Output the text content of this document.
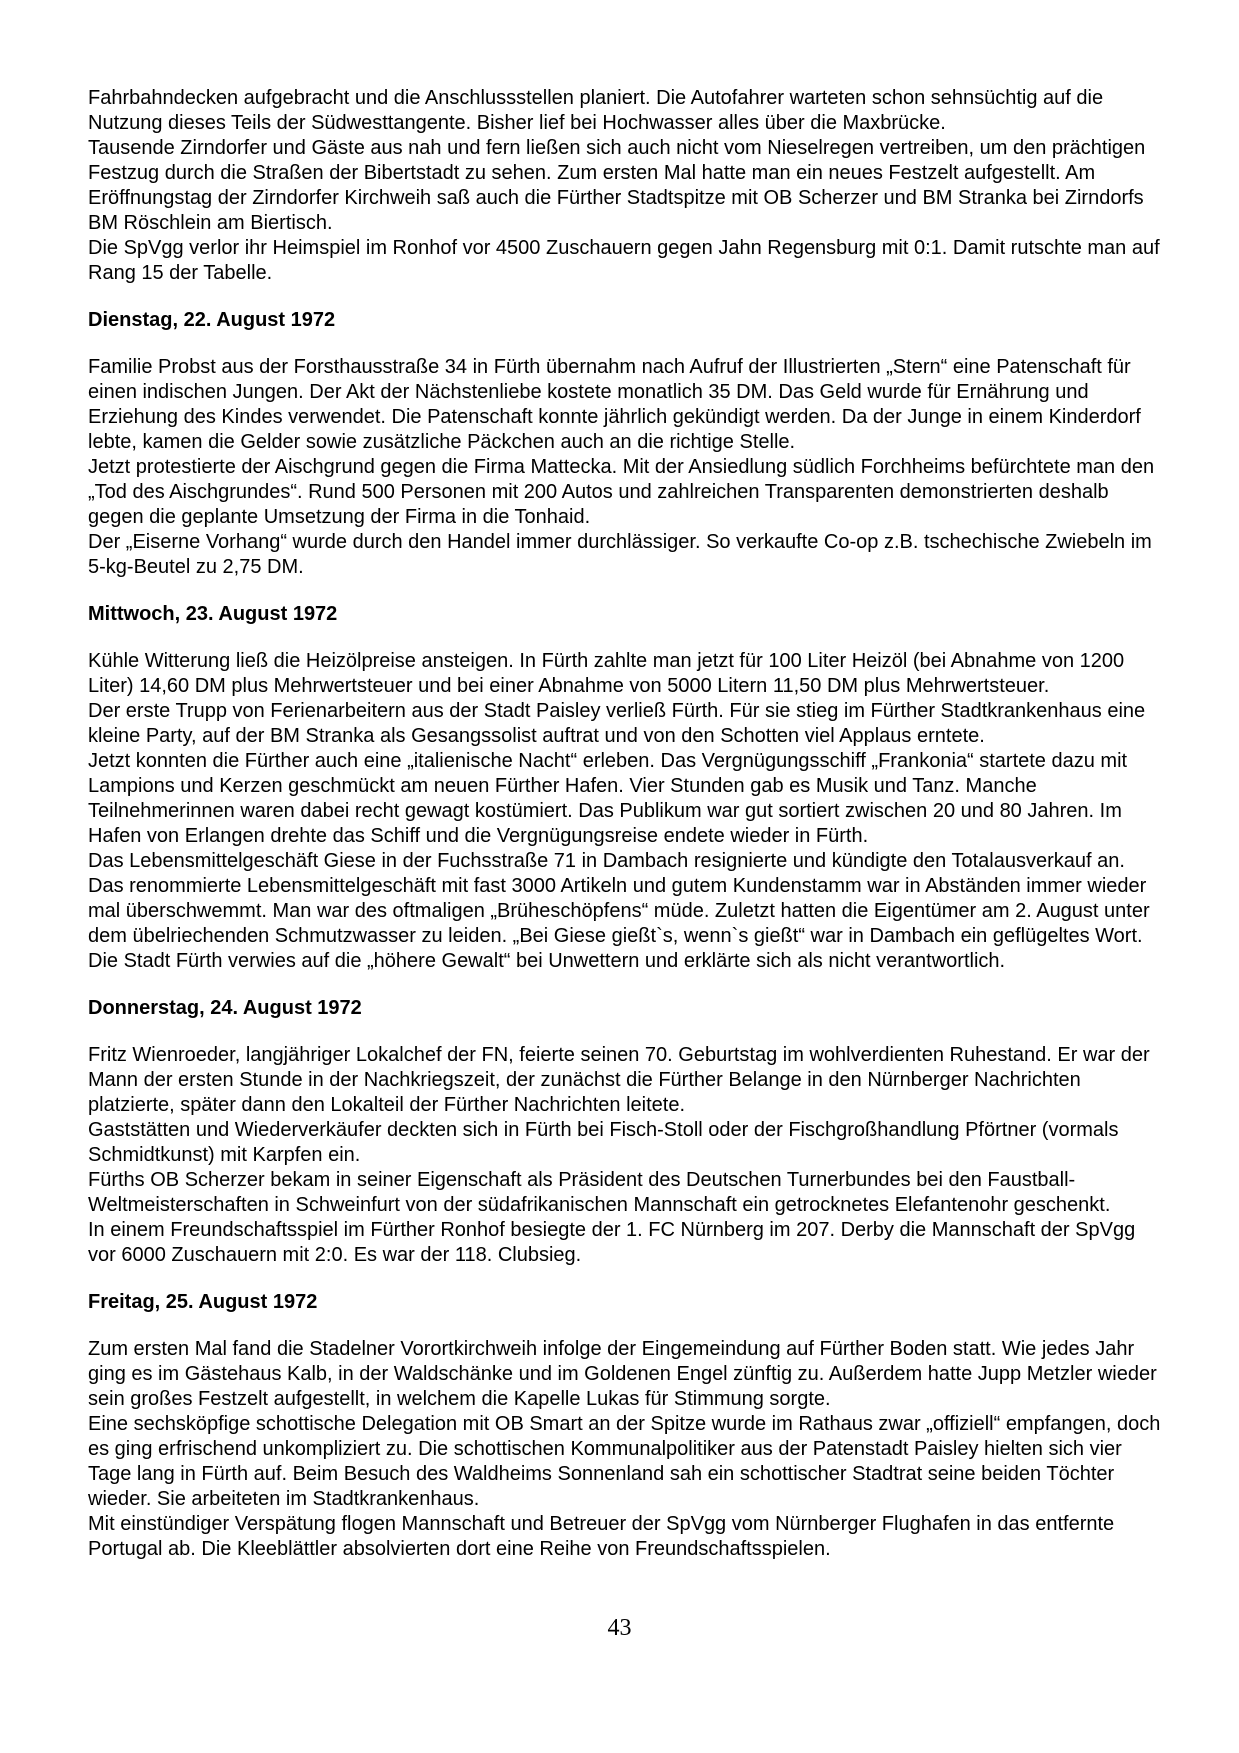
Fahrbahndecken aufgebracht und die Anschlussstellen planiert. Die Autofahrer warteten schon sehnsüchtig auf die Nutzung dieses Teils der Südwesttangente. Bisher lief bei Hochwasser alles über die Maxbrücke.

Tausende Zirndorfer und Gäste aus nah und fern ließen sich auch nicht vom Nieselregen vertreiben, um den prächtigen Festzug durch die Straßen der Bibertstadt zu sehen. Zum ersten Mal hatte man ein neues Festzelt aufgestellt. Am Eröffnungstag der Zirndorfer Kirchweih saß auch die Fürther Stadtspitze mit OB Scherzer und BM Stranka bei Zirndorfs BM Röschlein am Biertisch.

Die SpVgg verlor ihr Heimspiel im Ronhof vor 4500 Zuschauern gegen Jahn Regensburg mit 0:1. Damit rutschte man auf Rang 15 der Tabelle.

Dienstag, 22. August 1972

Familie Probst aus der Forsthausstraße 34 in Fürth übernahm nach Aufruf der Illustrierten „Stern“ eine Patenschaft für einen indischen Jungen. Der Akt der Nächstenliebe kostete monatlich 35 DM. Das Geld wurde für Ernährung und Erziehung des Kindes verwendet. Die Patenschaft konnte jährlich gekündigt werden. Da der Junge in einem Kinderdorf lebte, kamen die Gelder sowie zusätzliche Päckchen auch an die richtige Stelle.

Jetzt protestierte der Aischgrund gegen die Firma Mattecka. Mit der Ansiedlung südlich Forchheims befürchtete man den „Tod des Aischgrundes“. Rund 500 Personen mit 200 Autos und zahlreichen Transparenten demonstrierten deshalb gegen die geplante Umsetzung der Firma in die Tonhaid.

Der „Eiserne Vorhang“ wurde durch den Handel immer durchlässiger. So verkaufte Co-op z.B. tschechische Zwiebeln im 5-kg-Beutel zu 2,75 DM.

Mittwoch, 23. August 1972

Kühle Witterung ließ die Heizölpreise ansteigen. In Fürth zahlte man jetzt für 100 Liter Heizöl (bei Abnahme von 1200 Liter) 14,60 DM plus Mehrwertsteuer und bei einer Abnahme von 5000 Litern 11,50 DM plus Mehrwertsteuer.

Der erste Trupp von Ferienarbeitern aus der Stadt Paisley verließ Fürth. Für sie stieg im Fürther Stadtkrankenhaus eine kleine Party, auf der BM Stranka als Gesangssolist auftrat und von den Schotten viel Applaus erntete.

Jetzt konnten die Fürther auch eine „italienische Nacht“ erleben. Das Vergnügungsschiff „Frankonia“ startete dazu mit Lampions und Kerzen geschmückt am neuen Fürther Hafen. Vier Stunden gab es Musik und Tanz. Manche Teilnehmerinnen waren dabei recht gewagt kostümiert. Das Publikum war gut sortiert zwischen 20 und 80 Jahren. Im Hafen von Erlangen drehte das Schiff und die Vergnügungsreise endete wieder in Fürth.

Das Lebensmittelgeschäft Giese in der Fuchsstraße 71 in Dambach resignierte und kündigte den Totalausverkauf an. Das renommierte Lebensmittelgeschäft mit fast 3000 Artikeln und gutem Kundenstamm war in Abständen immer wieder mal überschwemmt. Man war des oftmaligen „Brüheschöpfens“ müde. Zuletzt hatten die Eigentümer am 2. August unter dem übelriechenden Schmutzwasser zu leiden. „Bei Giese gießt`s, wenn`s gießt“ war in Dambach ein geflügeltes Wort. Die Stadt Fürth verwies auf die „höhere Gewalt“ bei Unwettern und erklärte sich als nicht verantwortlich.

Donnerstag, 24. August 1972

Fritz Wienroeder, langjähriger Lokalchef der FN, feierte seinen 70. Geburtstag im wohlverdienten Ruhestand. Er war der Mann der ersten Stunde in der Nachkriegszeit, der zunächst die Fürther Belange in den Nürnberger Nachrichten platzierte, später dann den Lokalteil der Fürther Nachrichten leitete.

Gaststätten und Wiederverkäufer deckten sich in Fürth bei Fisch-Stoll oder der Fischgroßhandlung Pförtner (vormals Schmidtkunst) mit Karpfen ein.

Fürths OB Scherzer bekam in seiner Eigenschaft als Präsident des Deutschen Turnerbundes bei den Faustball-Weltmeisterschaften in Schweinfurt von der südafrikanischen Mannschaft ein getrocknetes Elefantenohr geschenkt.

In einem Freundschaftsspiel im Fürther Ronhof besiegte der 1. FC Nürnberg im 207. Derby die Mannschaft der SpVgg vor 6000 Zuschauern mit 2:0. Es war der 118. Clubsieg.

Freitag, 25. August 1972

Zum ersten Mal fand die Stadelner Vorortkirchweih infolge der Eingemeindung auf Fürther Boden statt. Wie jedes Jahr ging es im Gästehaus Kalb, in der Waldschänke und im Goldenen Engel zünftig zu. Außerdem hatte Jupp Metzler wieder sein großes Festzelt aufgestellt, in welchem die Kapelle Lukas für Stimmung sorgte.

Eine sechsköpfige schottische Delegation mit OB Smart an der Spitze wurde im Rathaus zwar „offiziell“ empfangen, doch es ging erfrischend unkompliziert zu. Die schottischen Kommunalpolitiker aus der Patenstadt Paisley hielten sich vier Tage lang in Fürth auf. Beim Besuch des Waldheims Sonnenland sah ein schottischer Stadtrat seine beiden Töchter wieder. Sie arbeiteten im Stadtkrankenhaus.

Mit einstündiger Verspätung flogen Mannschaft und Betreuer der SpVgg vom Nürnberger Flughafen in das entfernte Portugal ab. Die Kleeblättler absolvierten dort eine Reihe von Freundschaftsspielen.

43
